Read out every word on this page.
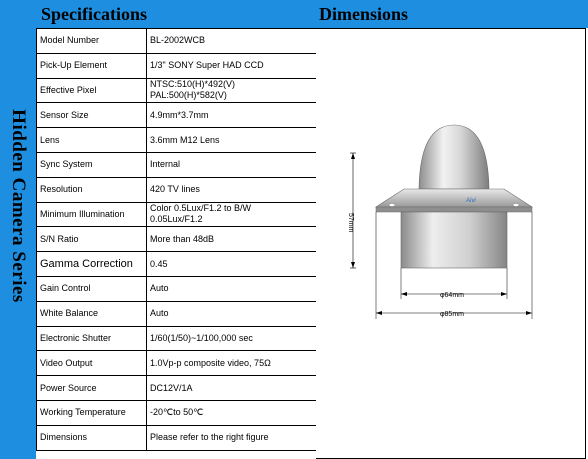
Hidden Camera Series
Specifications	Dimensions
Model Number	BL-2002WCB

Pick-Up Element	1/3" SONY Super HAD CCD

Effective Pixel	NTSC:510(H)*492(V)
PAL:500(H)*582(V)

Sensor Size	4.9mm*3.7mm

Lens	3.6mm M12 Lens

Sync System	Internal

Resolution	420 TV lines

Minimum Illumination	Color 0.5Lux/F1.2 to B/W
0.05Lux/F1.2

S/N Ratio	More than 48dB

Gamma Correction	0.45

Gain Control	Auto

White Balance	Auto

Electronic Shutter	1/60(1/50)~1/100,000 sec

Video Output	1.0Vp-p composite video, 75Ω

Power Source	DC12V/1A

Working Temperature	-20℃to 50℃

Dimensions	Please refer to the right figure
Aivi
57mm
φ64mm
φ85mm
